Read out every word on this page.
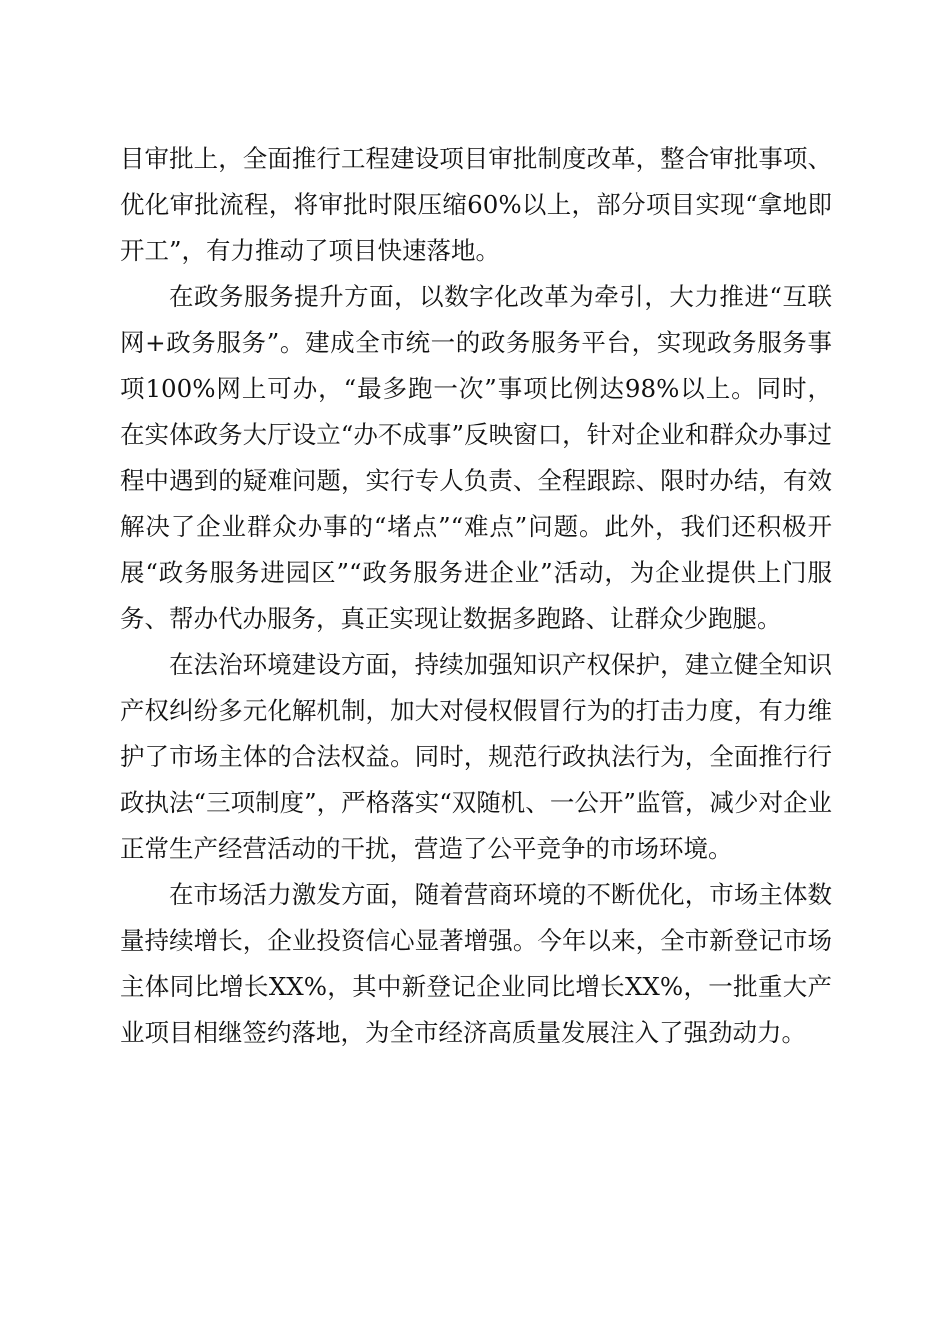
目审批上，全面推行工程建设项目审批制度改革，整合审批事项、优化审批流程，将审批时限压缩60%以上，部分项目实现“拿地即开工”，有力推动了项目快速落地。

在政务服务提升方面，以数字化改革为牵引，大力推进“互联网+政务服务”。建成全市统一的政务服务平台，实现政务服务事项100%网上可办，“最多跑一次”事项比例达98%以上。同时，在实体政务大厅设立“办不成事”反映窗口，针对企业和群众办事过程中遇到的疑难问题，实行专人负责、全程跟踪、限时办结，有效解决了企业群众办事的“堵点”“难点”问题。此外，我们还积极开展“政务服务进园区”“政务服务进企业”活动，为企业提供上门服务、帮办代办服务，真正实现让数据多跑路、让群众少跑腿。

在法治环境建设方面，持续加强知识产权保护，建立健全知识产权纠纷多元化解机制，加大对侵权假冒行为的打击力度，有力维护了市场主体的合法权益。同时，规范行政执法行为，全面推行行政执法“三项制度”，严格落实“双随机、一公开”监管，减少对企业正常生产经营活动的干扰，营造了公平竞争的市场环境。

在市场活力激发方面，随着营商环境的不断优化，市场主体数量持续增长，企业投资信心显著增强。今年以来，全市新登记市场主体同比增长XX%，其中新登记企业同比增长XX%，一批重大产业项目相继签约落地，为全市经济高质量发展注入了强劲动力。
